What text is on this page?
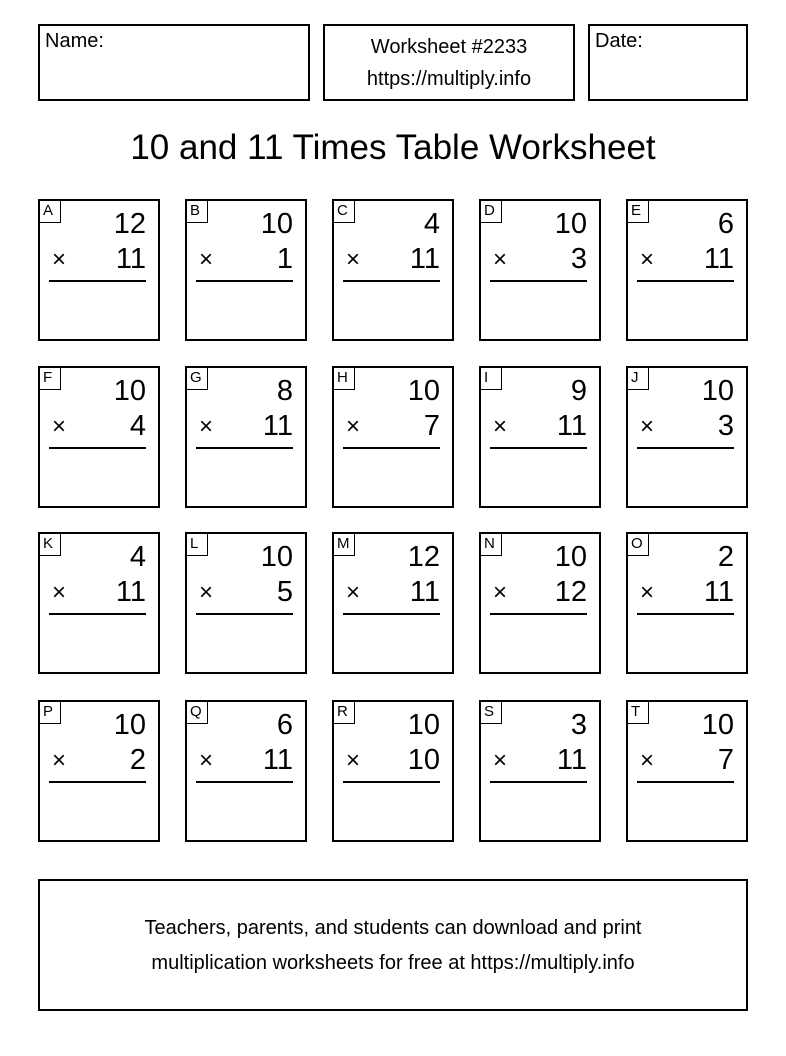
Name:	Worksheet #2233
https://multiply.info
Date:
10 and 11 Times Table Worksheet
A 12
× 11
B 10
× 1
C	4
× 11
D 10
× 3
E	6
× 11
F	10
× 4
G	8
× 11
H 10
× 7
I	9
× 11
J	10
× 3
K	4
× 11
L	10
× 5
M 12
× 11
N 10
× 12
O	2
× 11
P 10
× 2
Q	6
× 11
R 10
× 10
S	3
× 11
T	10
× 7
Teachers, parents, and students can download and print
multiplication worksheets for free at https://multiply.info
